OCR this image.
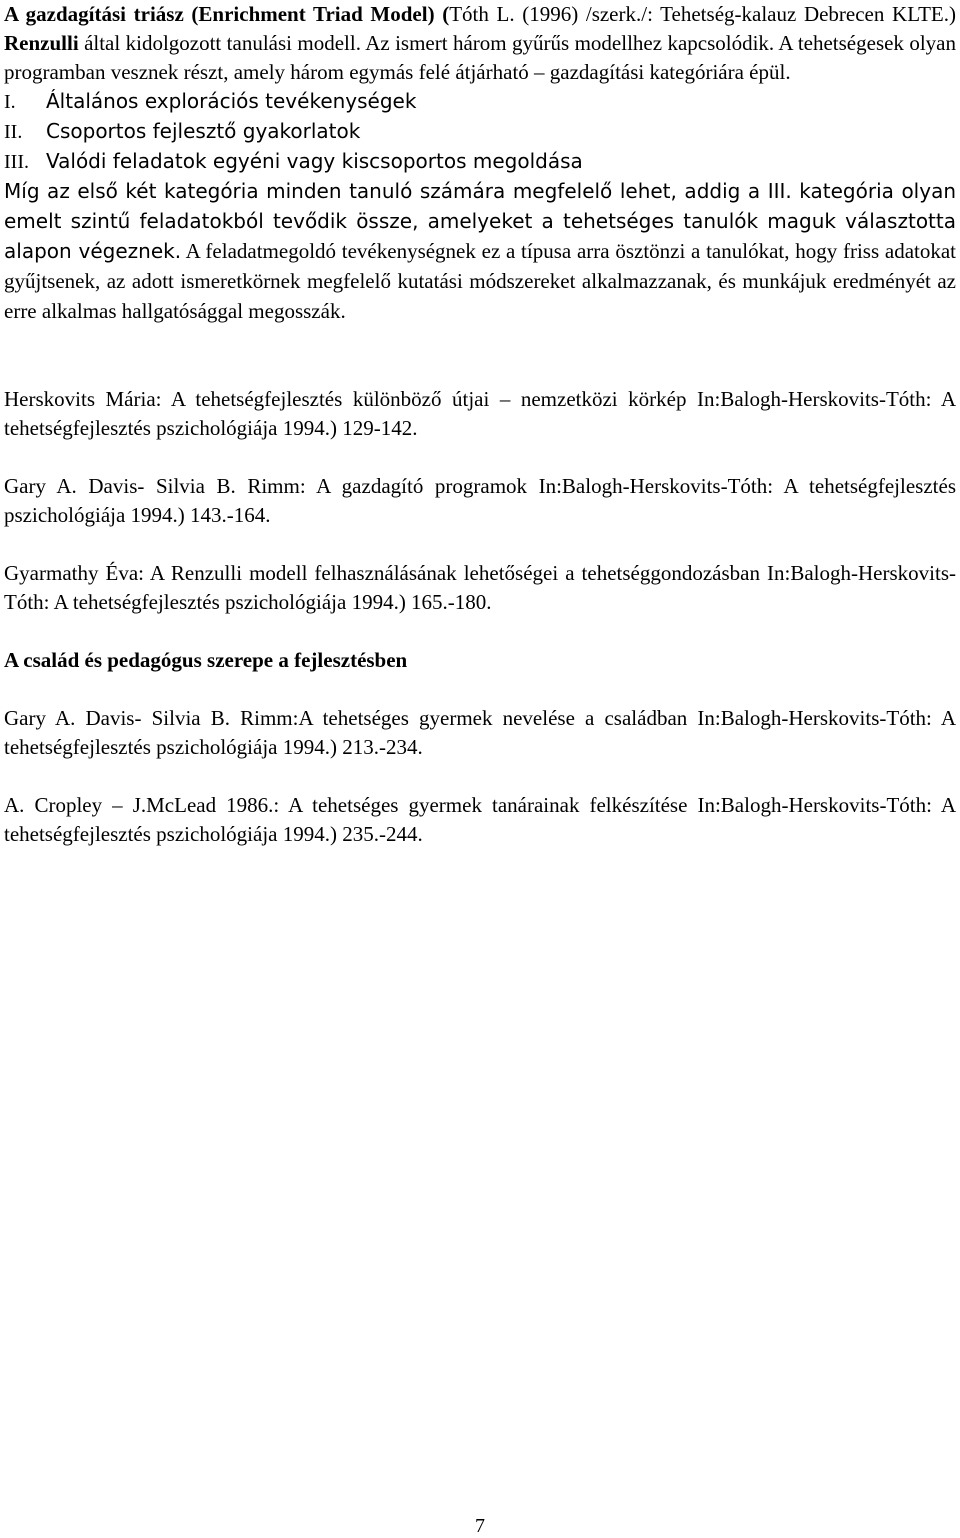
A gazdagítási triász (Enrichment Triad Model) (Tóth L. (1996) /szerk./: Tehetség-kalauz Debrecen KLTE.) Renzulli által kidolgozott tanulási modell. Az ismert három gyűrűs modellhez kapcsolódik. A tehetségesek olyan programban vesznek részt, amely három egymás felé átjárható – gazdagítási kategóriára épül.

I. Általános explorációs tevékenységek

II. Csoportos fejlesztő gyakorlatok

III. Valódi feladatok egyéni vagy kiscsoportos megoldása

Míg az első két kategória minden tanuló számára megfelelő lehet, addig a III. kategória olyan emelt szintű feladatokból tevődik össze, amelyeket a tehetséges tanulók maguk választotta alapon végeznek. A feladatmegoldó tevékenységnek ez a típusa arra ösztönzi a tanulókat, hogy friss adatokat gyűjtsenek, az adott ismeretkörnek megfelelő kutatási módszereket alkalmazzanak, és munkájuk eredményét az erre alkalmas hallgatósággal megosszák.

Herskovits Mária: A tehetségfejlesztés különböző útjai – nemzetközi körkép In:Balogh-Herskovits-Tóth: A tehetségfejlesztés pszichológiája 1994.) 129-142.

Gary A. Davis- Silvia B. Rimm: A gazdagító programok In:Balogh-Herskovits-Tóth: A tehetségfejlesztés pszichológiája 1994.) 143.-164.

Gyarmathy Éva: A Renzulli modell felhasználásának lehetőségei a tehetséggondozásban In:Balogh-Herskovits-Tóth: A tehetségfejlesztés pszichológiája 1994.) 165.-180.

A család és pedagógus szerepe a fejlesztésben

Gary A. Davis- Silvia B. Rimm:A tehetséges gyermek nevelése a családban In:Balogh-Herskovits-Tóth: A tehetségfejlesztés pszichológiája 1994.) 213.-234.

A. Cropley – J.McLead 1986.: A tehetséges gyermek tanárainak felkészítése In:Balogh-Herskovits-Tóth: A tehetségfejlesztés pszichológiája 1994.) 235.-244.

7
